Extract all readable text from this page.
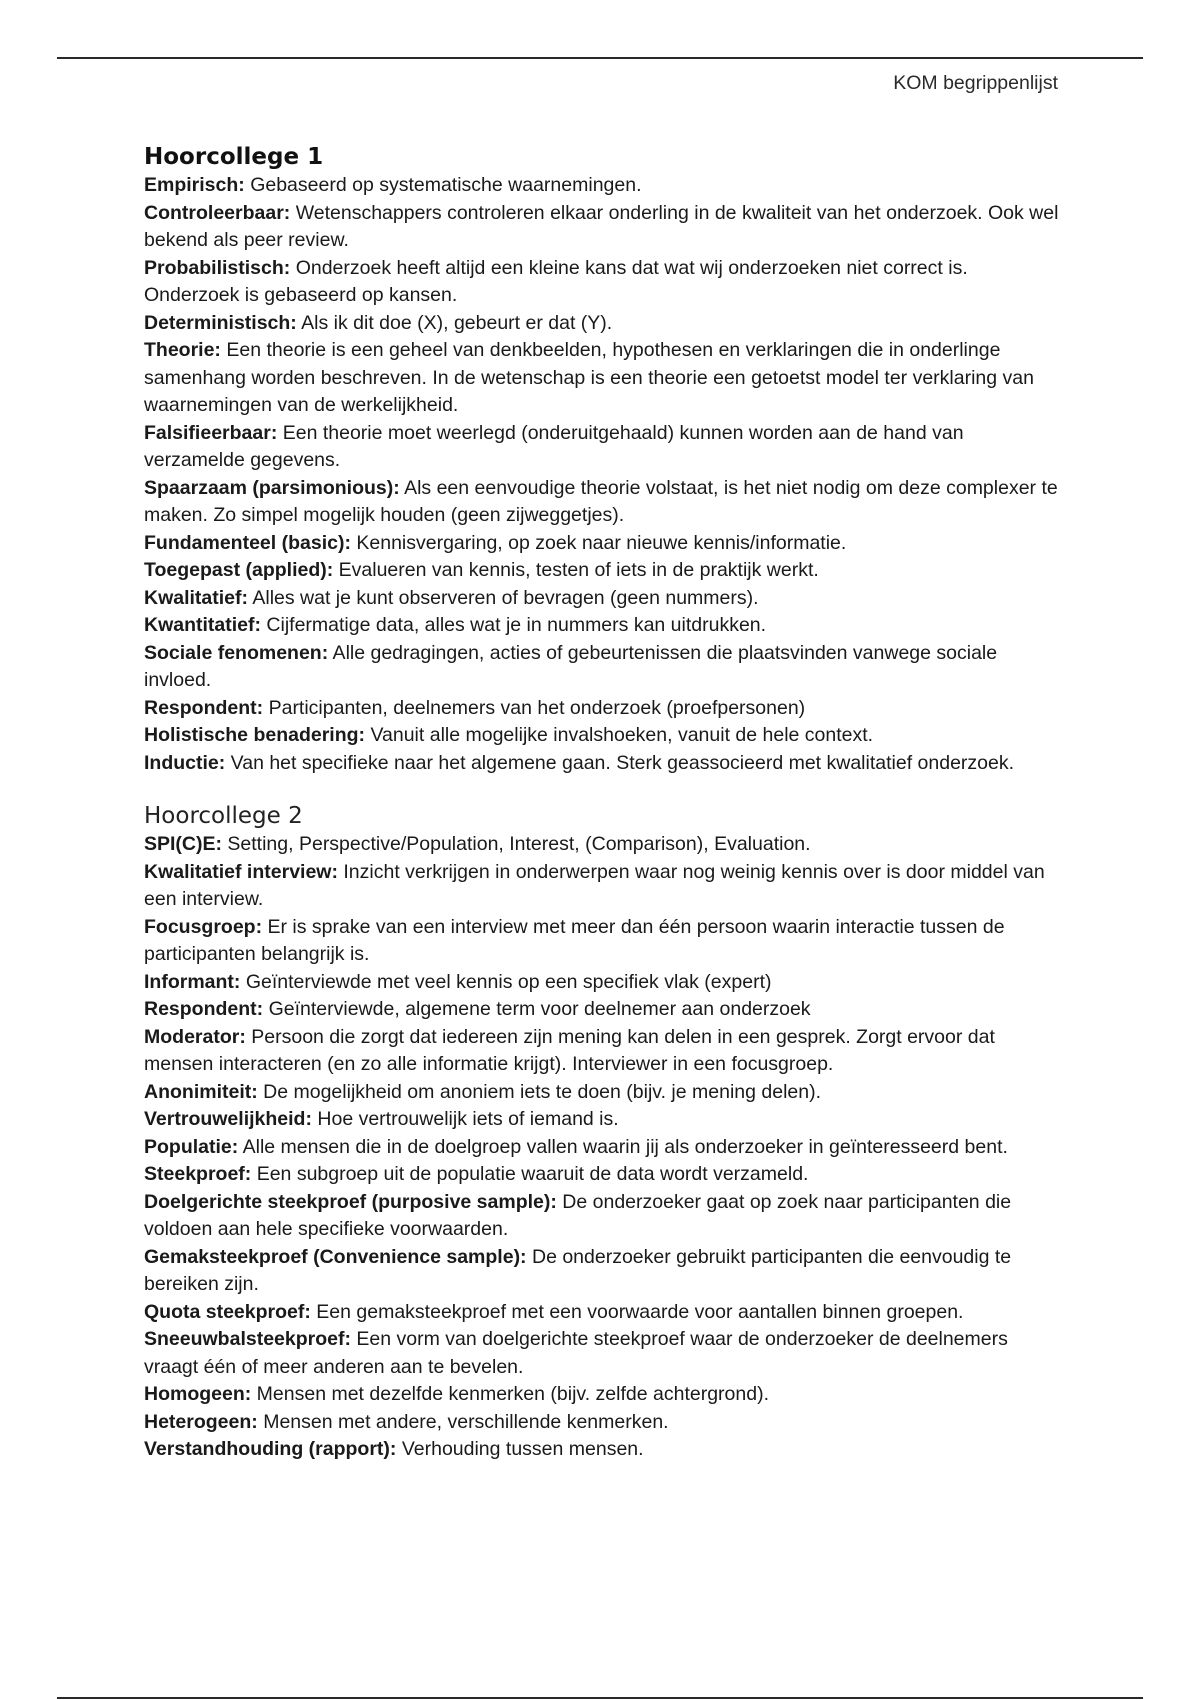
KOM begrippenlijst
Hoorcollege 1

Empirisch: Gebaseerd op systematische waarnemingen.

Controleerbaar: Wetenschappers controleren elkaar onderling in de kwaliteit van het onderzoek. Ook wel bekend als peer review.

Probabilistisch: Onderzoek heeft altijd een kleine kans dat wat wij onderzoeken niet correct is. Onderzoek is gebaseerd op kansen.

Deterministisch: Als ik dit doe (X), gebeurt er dat (Y).

Theorie: Een theorie is een geheel van denkbeelden, hypothesen en verklaringen die in onderlinge samenhang worden beschreven. In de wetenschap is een theorie een getoetst model ter verklaring van waarnemingen van de werkelijkheid.

Falsifieerbaar: Een theorie moet weerlegd (onderuitgehaald) kunnen worden aan de hand van verzamelde gegevens.

Spaarzaam (parsimonious): Als een eenvoudige theorie volstaat, is het niet nodig om deze complexer te maken. Zo simpel mogelijk houden (geen zijweggetjes).

Fundamenteel (basic): Kennisvergaring, op zoek naar nieuwe kennis/informatie.

Toegepast (applied): Evalueren van kennis, testen of iets in de praktijk werkt.

Kwalitatief: Alles wat je kunt observeren of bevragen (geen nummers).

Kwantitatief: Cijfermatige data, alles wat je in nummers kan uitdrukken.

Sociale fenomenen: Alle gedragingen, acties of gebeurtenissen die plaatsvinden vanwege sociale invloed.

Respondent: Participanten, deelnemers van het onderzoek (proefpersonen)

Holistische benadering: Vanuit alle mogelijke invalshoeken, vanuit de hele context.

Inductie: Van het specifieke naar het algemene gaan. Sterk geassocieerd met kwalitatief onderzoek.

Hoorcollege 2

SPI(C)E: Setting, Perspective/Population, Interest, (Comparison), Evaluation.

Kwalitatief interview: Inzicht verkrijgen in onderwerpen waar nog weinig kennis over is door middel van een interview.

Focusgroep: Er is sprake van een interview met meer dan één persoon waarin interactie tussen de participanten belangrijk is.

Informant: Geïnterviewde met veel kennis op een specifiek vlak (expert)

Respondent: Geïnterviewde, algemene term voor deelnemer aan onderzoek

Moderator: Persoon die zorgt dat iedereen zijn mening kan delen in een gesprek. Zorgt ervoor dat mensen interacteren (en zo alle informatie krijgt). Interviewer in een focusgroep.

Anonimiteit: De mogelijkheid om anoniem iets te doen (bijv. je mening delen).

Vertrouwelijkheid: Hoe vertrouwelijk iets of iemand is.

Populatie: Alle mensen die in de doelgroep vallen waarin jij als onderzoeker in geïnteresseerd bent.

Steekproef: Een subgroep uit de populatie waaruit de data wordt verzameld.

Doelgerichte steekproef (purposive sample): De onderzoeker gaat op zoek naar participanten die voldoen aan hele specifieke voorwaarden.

Gemaksteekproef (Convenience sample): De onderzoeker gebruikt participanten die eenvoudig te bereiken zijn.

Quota steekproef: Een gemaksteekproef met een voorwaarde voor aantallen binnen groepen.

Sneeuwbalsteekproef: Een vorm van doelgerichte steekproef waar de onderzoeker de deelnemers vraagt één of meer anderen aan te bevelen.

Homogeen: Mensen met dezelfde kenmerken (bijv. zelfde achtergrond).

Heterogeen: Mensen met andere, verschillende kenmerken.

Verstandhouding (rapport): Verhouding tussen mensen.
